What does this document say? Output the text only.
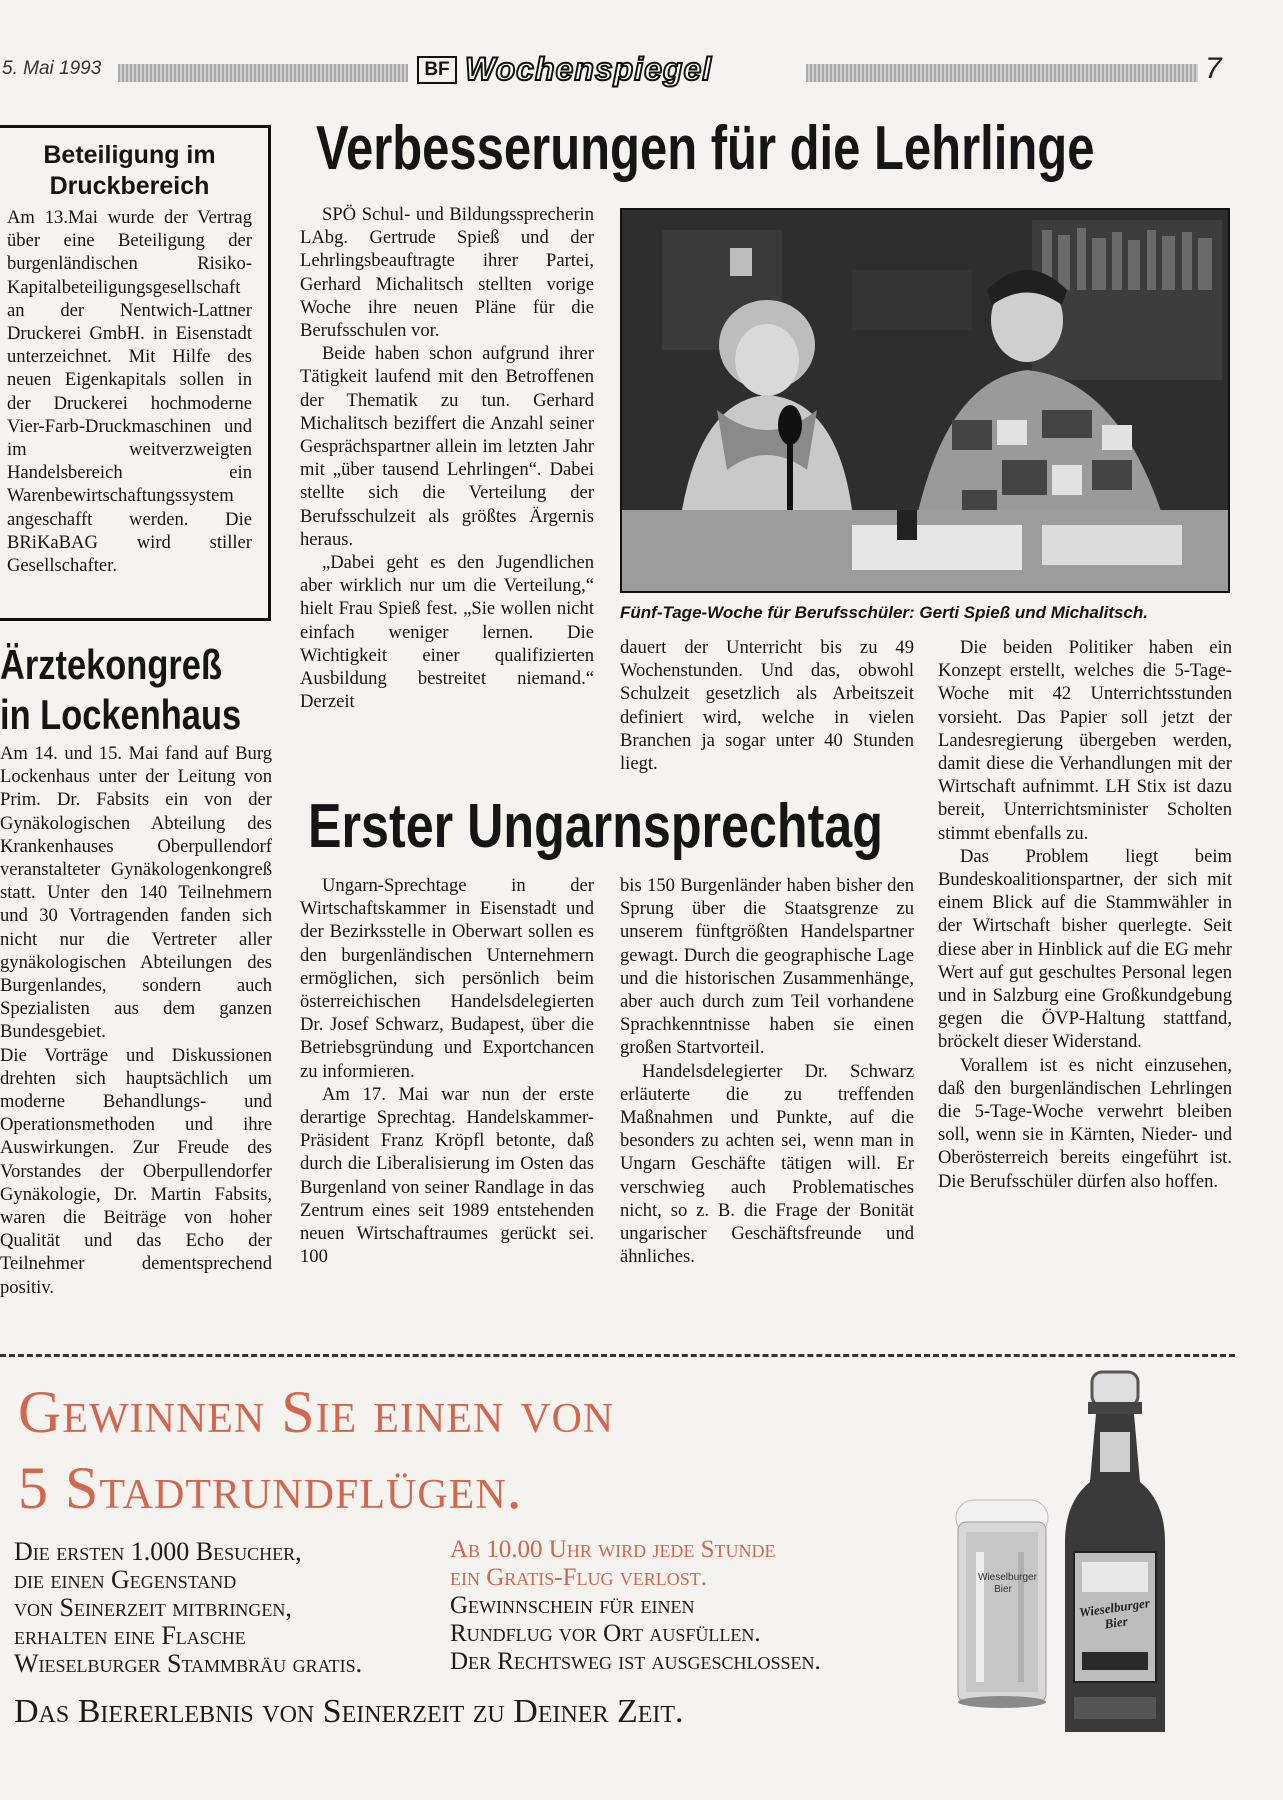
5. Mai 1993	BF Wochenspiegel	7
Beteiligung im Druckbereich
Am 13.Mai wurde der Vertrag über eine Beteiligung der burgenländischen Risiko-Kapitalbeteiligungsgesellschaft an der Nentwich-Lattner Druckerei GmbH. in Eisenstadt unterzeichnet. Mit Hilfe des neuen Eigenkapitals sollen in der Druckerei hochmoderne Vier-Farb-Druckmaschinen und im weitverzweigten Handelsbereich ein Warenbewirtschaftungssystem angeschafft werden. Die BRiKaBAG wird stiller Gesellschafter.
Ärztekongreß
in Lockenhaus

Am 14. und 15. Mai fand auf Burg Lockenhaus unter der Leitung von Prim. Dr. Fabsits ein von der Gynäkologischen Abteilung des Krankenhauses Oberpullendorf veranstalteter Gynäkologenkongreß statt. Unter den 140 Teilnehmern und 30 Vortragenden fanden sich nicht nur die Vertreter aller gynäkologischen Abteilungen des Burgenlandes, sondern auch Spezialisten aus dem ganzen Bundesgebiet.

Die Vorträge und Diskussionen drehten sich hauptsächlich um moderne Behandlungs- und Operationsmethoden und ihre Auswirkungen. Zur Freude des Vorstandes der Oberpullendorfer Gynäkologie, Dr. Martin Fabsits, waren die Beiträge von hoher Qualität und das Echo der Teilnehmer dementsprechend positiv.

Verbesserungen für die Lehrlinge

SPÖ Schul- und Bildungssprecherin LAbg. Gertrude Spieß und der Lehrlingsbeauftragte ihrer Partei, Gerhard Michalitsch stellten vorige Woche ihre neuen Pläne für die Berufsschulen vor.

Beide haben schon aufgrund ihrer Tätigkeit laufend mit den Betroffenen der Thematik zu tun. Gerhard Michalitsch beziffert die Anzahl seiner Gesprächspartner allein im letzten Jahr mit „über tausend Lehrlingen“. Dabei stellte sich die Verteilung der Berufsschulzeit als größtes Ärgernis heraus.

„Dabei geht es den Jugendlichen aber wirklich nur um die Verteilung,“ hielt Frau Spieß fest. „Sie wollen nicht einfach weniger lernen. Die Wichtigkeit einer qualifizierten Ausbildung bestreitet niemand.“ Derzeit

Fünf-Tage-Woche für Berufsschüler: Gerti Spieß und Michalitsch.

dauert der Unterricht bis zu 49 Wochenstunden. Und das, obwohl Schulzeit gesetzlich als Arbeitszeit definiert wird, welche in vielen Branchen ja sogar unter 40 Stunden liegt.

Die beiden Politiker haben ein Konzept erstellt, welches die 5-Tage-Woche mit 42 Unterrichtsstunden vorsieht. Das Papier soll jetzt der Landesregierung übergeben werden, damit diese die Verhandlungen mit der Wirtschaft aufnimmt. LH Stix ist dazu bereit, Unterrichtsminister Scholten stimmt ebenfalls zu.

Das Problem liegt beim Bundeskoalitionspartner, der sich mit einem Blick auf die Stammwähler in der Wirtschaft bisher querlegte. Seit diese aber in Hinblick auf die EG mehr Wert auf gut geschultes Personal legen und in Salzburg eine Großkundgebung gegen die ÖVP-Haltung stattfand, bröckelt dieser Widerstand.

Vorallem ist es nicht einzusehen, daß den burgenländischen Lehrlingen die 5-Tage-Woche verwehrt bleiben soll, wenn sie in Kärnten, Nieder- und Oberösterreich bereits eingeführt ist. Die Berufsschüler dürfen also hoffen.

Erster Ungarnsprechtag

Ungarn-Sprechtage in der Wirtschaftskammer in Eisenstadt und der Bezirksstelle in Oberwart sollen es den burgenländischen Unternehmern ermöglichen, sich persönlich beim österreichischen Handelsdelegierten Dr. Josef Schwarz, Budapest, über die Betriebsgründung und Exportchancen zu informieren.

Am 17. Mai war nun der erste derartige Sprechtag. Handelskammer-Präsident Franz Kröpfl betonte, daß durch die Liberalisierung im Osten das Burgenland von seiner Randlage in das Zentrum eines seit 1989 entstehenden neuen Wirtschaftraumes gerückt sei. 100

bis 150 Burgenländer haben bisher den Sprung über die Staatsgrenze zu unserem fünftgrößten Handelspartner gewagt. Durch die geographische Lage und die historischen Zusammenhänge, aber auch durch zum Teil vorhandene Sprachkenntnisse haben sie einen großen Startvorteil.

Handelsdelegierter Dr. Schwarz erläuterte die zu treffenden Maßnahmen und Punkte, auf die besonders zu achten sei, wenn man in Ungarn Geschäfte tätigen will. Er verschwieg auch Problematisches nicht, so z. B. die Frage der Bonität ungarischer Geschäftsfreunde und ähnliches.

Gewinnen Sie einen von
5 Stadtrundflügen.
Die ersten 1.000 Besucher,
die einen Gegenstand
von Seinerzeit mitbringen,
erhalten eine Flasche
Wieselburger Stammbräu gratis.
Ab 10.00 Uhr wird jede Stunde
ein Gratis-Flug verlost.
Gewinnschein für einen
Rundflug vor Ort ausfüllen.
Der Rechtsweg ist ausgeschlossen.
Das Biererlebnis von Seinerzeit zu Deiner Zeit.
Wieselburger Bier
Wieselburger Bier
